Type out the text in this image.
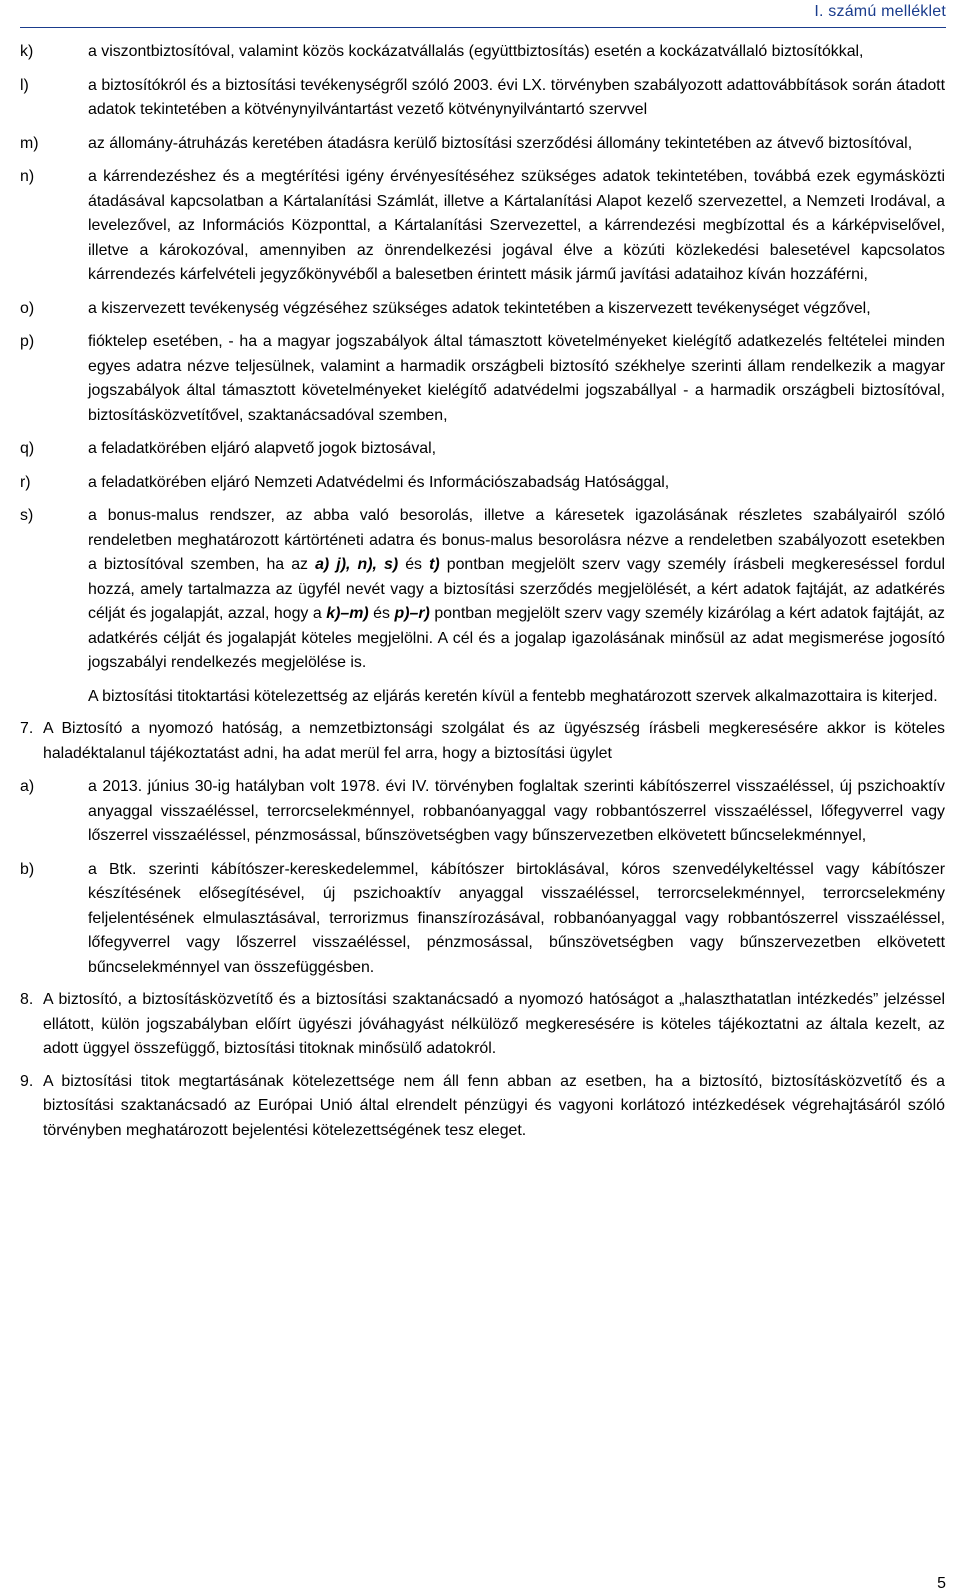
I. számú melléklet
k)	a viszontbiztosítóval, valamint közös kockázatvállalás (együttbiztosítás) esetén a kockázatvállaló biztosítókkal,
l)	a biztosítókról és a biztosítási tevékenységről szóló 2003. évi LX. törvényben szabályozott adattovábbítások során átadott adatok tekintetében a kötvénynyilvántartást vezető kötvénynyilvántartó szervvel
m)	az állomány-átruházás keretében átadásra kerülő biztosítási szerződési állomány tekintetében az átvevő biztosítóval,
n)	a kárrendezéshez és a megtérítési igény érvényesítéséhez szükséges adatok tekintetében, továbbá ezek egymásközti átadásával kapcsolatban a Kártalanítási Számlát, illetve a Kártalanítási Alapot kezelő szervezettel, a Nemzeti Irodával, a levelezővel, az Információs Központtal, a Kártalanítási Szervezettel, a kárrendezési megbízottal és a kárképviselővel, illetve a károkozóval, amennyiben az önrendelkezési jogával élve a közúti közlekedési balesetével kapcsolatos kárrendezés kárfelvételi jegyzőkönyvéből a balesetben érintett másik jármű javítási adataihoz kíván hozzáférni,
o)	a kiszervezett tevékenység végzéséhez szükséges adatok tekintetében a kiszervezett tevékenységet végzővel,
p)	fióktelep esetében, - ha a magyar jogszabályok által támasztott követelményeket kielégítő adatkezelés feltételei minden egyes adatra nézve teljesülnek, valamint a harmadik országbeli biztosító székhelye szerinti állam rendelkezik a magyar jogszabályok által támasztott követelményeket kielégítő adatvédelmi jogszabállyal - a harmadik országbeli biztosítóval, biztosításközvetítővel, szaktanácsadóval szemben,
q)	a feladatkörében eljáró alapvető jogok biztosával,
r)	a feladatkörében eljáró Nemzeti Adatvédelmi és Információszabadság Hatósággal,
s)	a bonus-malus rendszer, az abba való besorolás, illetve a káresetek igazolásának részletes szabályairól szóló rendeletben meghatározott kártörténeti adatra és bonus-malus besorolásra nézve a rendeletben szabályozott esetekben a biztosítóval szemben, ha az a) j), n), s) és t) pontban megjelölt szerv vagy személy írásbeli megkereséssel fordul hozzá, amely tartalmazza az ügyfél nevét vagy a biztosítási szerződés megjelölését, a kért adatok fajtáját, az adatkérés célját és jogalapját, azzal, hogy a k)–m) és p)–r) pontban megjelölt szerv vagy személy kizárólag a kért adatok fajtáját, az adatkérés célját és jogalapját köteles megjelölni. A cél és a jogalap igazolásának minősül az adat megismerése jogosító jogszabályi rendelkezés megjelölése is.
A biztosítási titoktartási kötelezettség az eljárás keretén kívül a fentebb meghatározott szervek alkalmazottaira is kiterjed.
7. A Biztosító a nyomozó hatóság, a nemzetbiztonsági szolgálat és az ügyészség írásbeli megkeresésére akkor is köteles haladéktalanul tájékoztatást adni, ha adat merül fel arra, hogy a biztosítási ügylet
a)	a 2013. június 30-ig hatályban volt 1978. évi IV. törvényben foglaltak szerinti kábítószerrel visszaéléssel, új pszichoaktív anyaggal visszaéléssel, terrorcselekménnyel, robbanóanyaggal vagy robbantószerrel visszaéléssel, lőfegyverrel vagy lőszerrel visszaéléssel, pénzmosással, bűnszövetségben vagy bűnszervezetben elkövetett bűncselekménnyel,
b)	a Btk. szerinti kábítószer-kereskedelemmel, kábítószer birtoklásával, kóros szenvedélykeltéssel vagy kábítószer készítésének elősegítésével, új pszichoaktív anyaggal visszaéléssel, terrorcselekménnyel, terrorcselekmény feljelentésének elmulasztásával, terrorizmus finanszírozásával, robbanóanyaggal vagy robbantószerrel visszaéléssel, lőfegyverrel vagy lőszerrel visszaéléssel, pénzmosással, bűnszövetségben vagy bűnszervezetben elkövetett bűncselekménnyel van összefüggésben.
8. A biztosító, a biztosításközvetítő és a biztosítási szaktanácsadó a nyomozó hatóságot a „halaszthatatlan intézkedés” jelzéssel ellátott, külön jogszabályban előírt ügyészi jóváhagyást nélkülöző megkeresésére is köteles tájékoztatni az általa kezelt, az adott üggyel összefüggő, biztosítási titoknak minősülő adatokról.
9. A biztosítási titok megtartásának kötelezettsége nem áll fenn abban az esetben, ha a biztosító, biztosításközvetítő és a biztosítási szaktanácsadó az Európai Unió által elrendelt pénzügyi és vagyoni korlátozó intézkedések végrehajtásáról szóló törvényben meghatározott bejelentési kötelezettségének tesz eleget.
5
